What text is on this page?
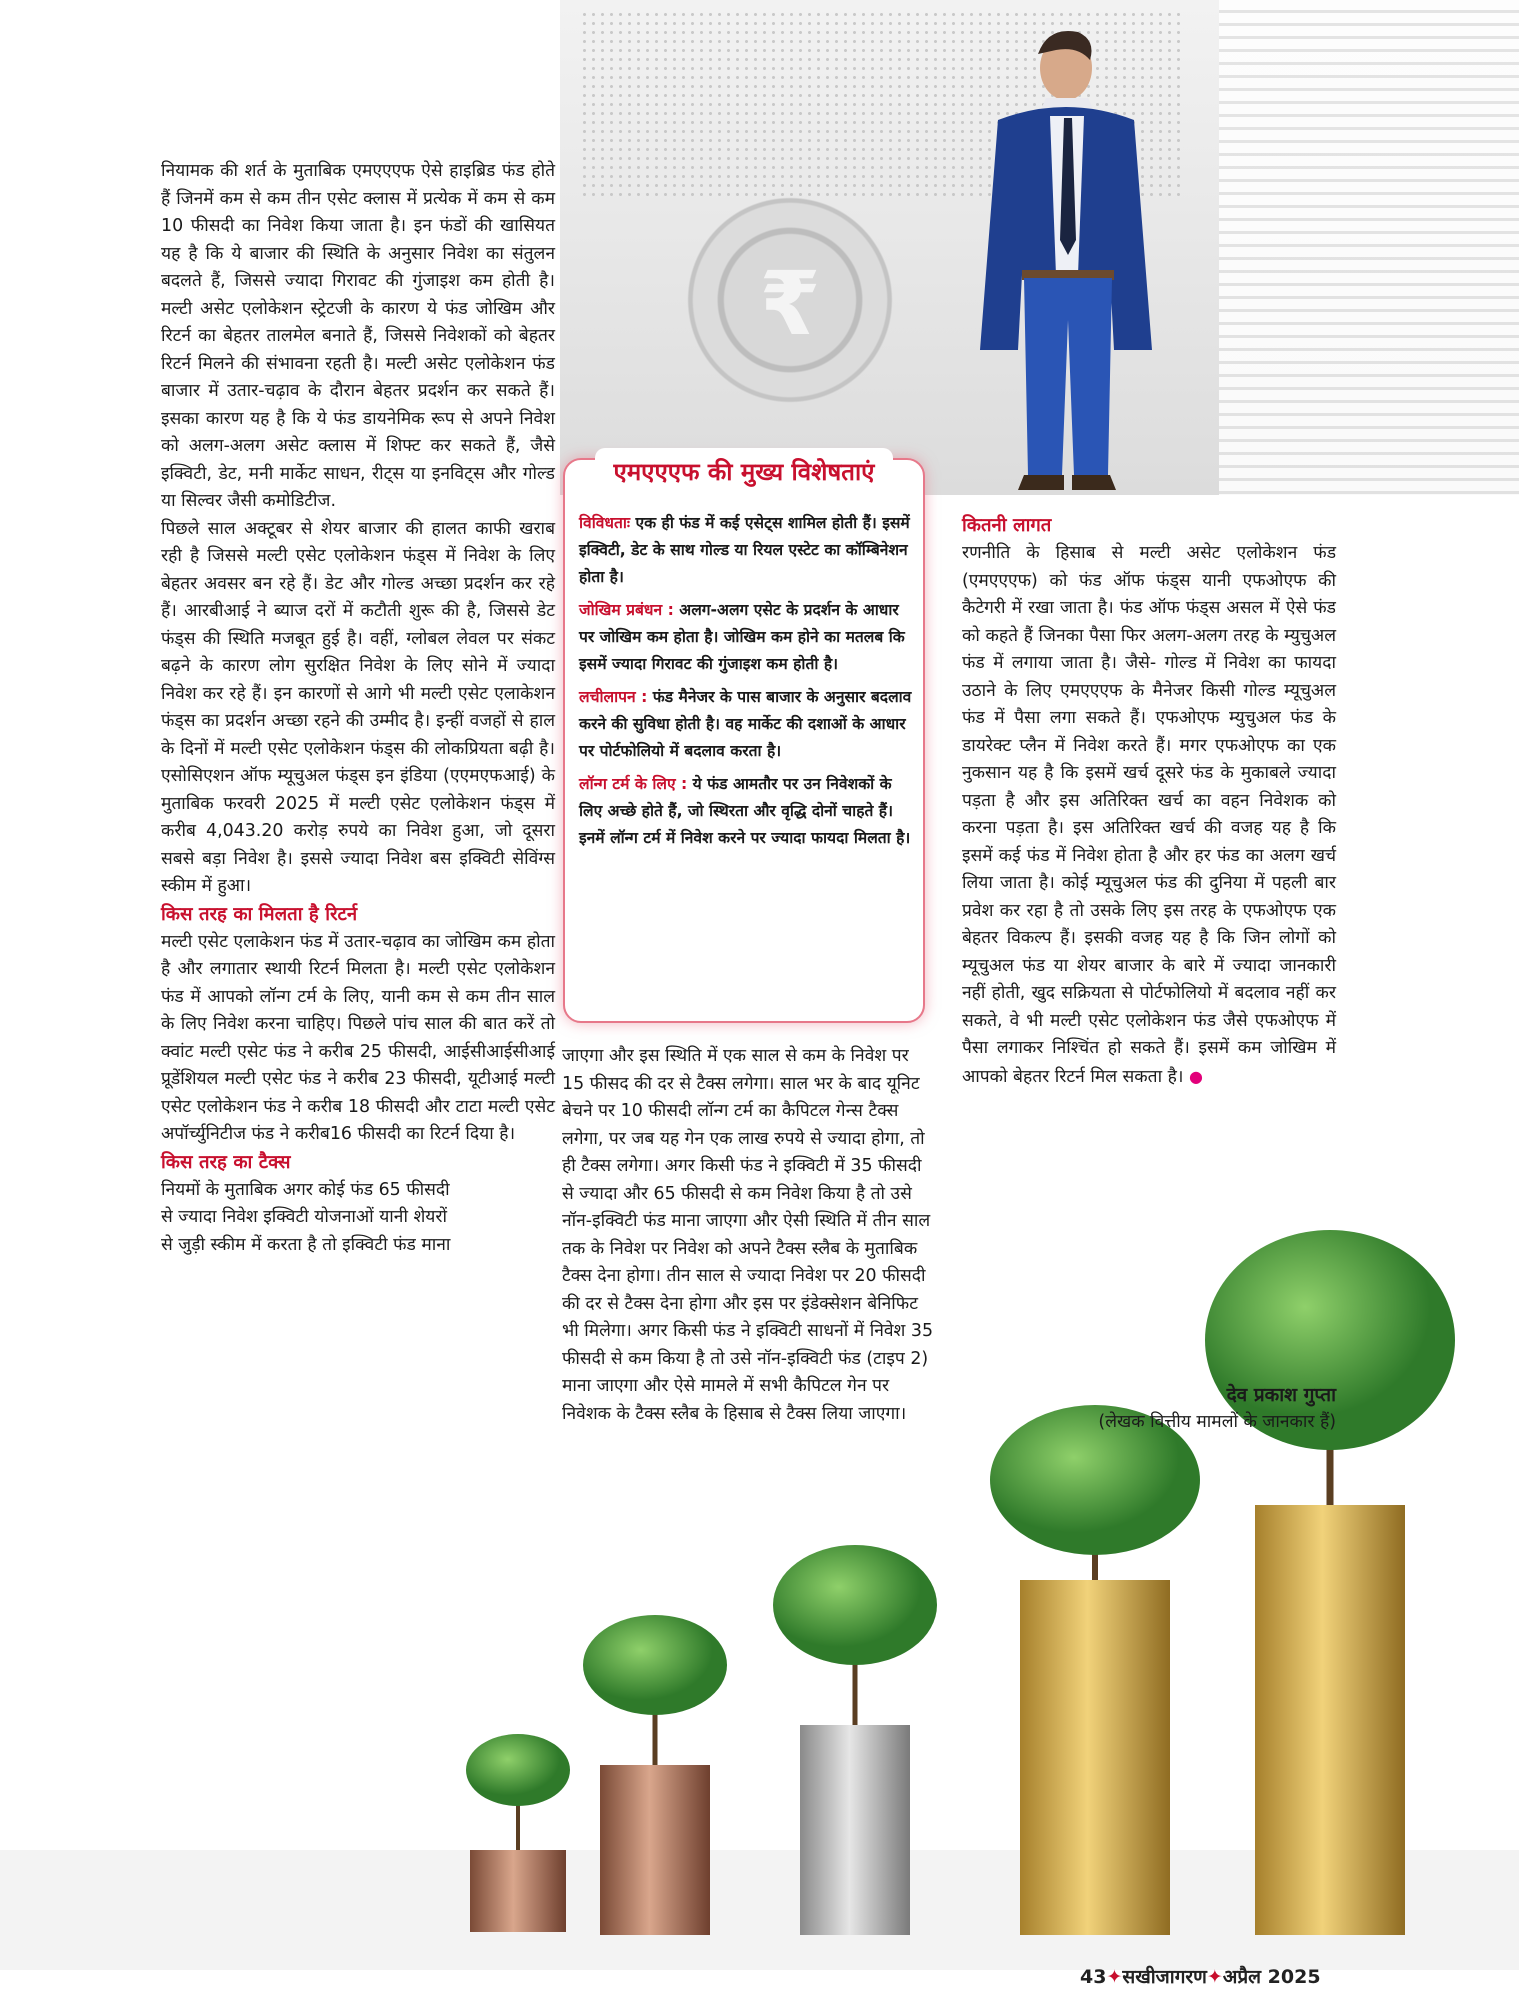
₹

नियामक की शर्त के मुताबिक एमएएएफ ऐसे हाइब्रिड फंड होते हैं जिनमें कम से कम तीन एसेट क्लास में प्रत्येक में कम से कम 10 फीसदी का निवेश किया जाता है। इन फंडों की खासियत यह है कि ये बाजार की स्थिति के अनुसार निवेश का संतुलन बदलते हैं, जिससे ज्यादा गिरावट की गुंजाइश कम होती है। मल्टी असेट एलोकेशन स्ट्रेटजी के कारण ये फंड जोखिम और रिटर्न का बेहतर तालमेल बनाते हैं, जिससे निवेशकों को बेहतर रिटर्न मिलने की संभावना रहती है। मल्टी असेट एलोकेशन फंड बाजार में उतार-चढ़ाव के दौरान बेहतर प्रदर्शन कर सकते हैं। इसका कारण यह है कि ये फंड डायनेमिक रूप से अपने निवेश को अलग-अलग असेट क्लास में शिफ्ट कर सकते हैं, जैसे इक्विटी, डेट, मनी मार्केट साधन, रीट्स या इनविट्स और गोल्ड या सिल्वर जैसी कमोडिटीज.

पिछले साल अक्टूबर से शेयर बाजार की हालत काफी खराब रही है जिससे मल्टी एसेट एलोकेशन फंड्स में निवेश के लिए बेहतर अवसर बन रहे हैं। डेट और गोल्ड अच्छा प्रदर्शन कर रहे हैं। आरबीआई ने ब्याज दरों में कटौती शुरू की है, जिससे डेट फंड्स की स्थिति मजबूत हुई है। वहीं, ग्लोबल लेवल पर संकट बढ़ने के कारण लोग सुरक्षित निवेश के लिए सोने में ज्यादा निवेश कर रहे हैं। इन कारणों से आगे भी मल्टी एसेट एलाकेशन फंड्स का प्रदर्शन अच्छा रहने की उम्मीद है। इन्हीं वजहों से हाल के दिनों में मल्टी एसेट एलोकेशन फंड्स की लोकप्रियता बढ़ी है। एसोसिएशन ऑफ म्यूचुअल फंड्स इन इंडिया (एएमएफआई) के मुताबिक फरवरी 2025 में मल्टी एसेट एलोकेशन फंड्स में करीब 4,043.20 करोड़ रुपये का निवेश हुआ, जो दूसरा सबसे बड़ा निवेश है। इससे ज्यादा निवेश बस इक्विटी सेविंग्स स्कीम में हुआ।

किस तरह का मिलता है रिटर्न

मल्टी एसेट एलाकेशन फंड में उतार-चढ़ाव का जोखिम कम होता है और लगातार स्थायी रिटर्न मिलता है। मल्टी एसेट एलोकेशन फंड में आपको लॉन्ग टर्म के लिए, यानी कम से कम तीन साल के लिए निवेश करना चाहिए। पिछले पांच साल की बात करें तो क्वांट मल्टी एसेट फंड ने करीब 25 फीसदी, आईसीआईसीआई प्रूडेंशियल मल्टी एसेट फंड ने करीब 23 फीसदी, यूटीआई मल्टी एसेट एलोकेशन फंड ने करीब 18 फीसदी और टाटा मल्टी एसेट अपॉर्च्युनिटीज फंड ने करीब16 फीसदी का रिटर्न दिया है।

किस तरह का टैक्स

नियमों के मुताबिक अगर कोई फंड 65 फीसदी से ज्यादा निवेश इक्विटी योजनाओं यानी शेयरों से जुड़ी स्कीम में करता है तो इक्विटी फंड माना

एमएएएफ की मुख्य विशेषताएं

विविधताः एक ही फंड में कई एसेट्स शामिल होती हैं। इसमें इक्विटी, डेट के साथ गोल्ड या रियल एस्टेट का कॉम्बिनेशन होता है।

जोखिम प्रबंधन : अलग-अलग एसेट के प्रदर्शन के आधार पर जोखिम कम होता है। जोखिम कम होने का मतलब कि इसमें ज्यादा गिरावट की गुंजाइश कम होती है।

लचीलापन : फंड मैनेजर के पास बाजार के अनुसार बदलाव करने की सुविधा होती है। वह मार्केट की दशाओं के आधार पर पोर्टफोलियो में बदलाव करता है।

लॉन्ग टर्म के लिए : ये फंड आमतौर पर उन निवेशकों के लिए अच्छे होते हैं, जो स्थिरता और वृद्धि दोनों चाहते हैं। इनमें लॉन्ग टर्म में निवेश करने पर ज्यादा फायदा मिलता है।

जाएगा और इस स्थिति में एक साल से कम के निवेश पर 15 फीसद की दर से टैक्स लगेगा। साल भर के बाद यूनिट बेचने पर 10 फीसदी लॉन्ग टर्म का कैपिटल गेन्स टैक्स लगेगा, पर जब यह गेन एक लाख रुपये से ज्यादा होगा, तो ही टैक्स लगेगा। अगर किसी फंड ने इक्विटी में 35 फीसदी से ज्यादा और 65 फीसदी से कम निवेश किया है तो उसे नॉन-इक्विटी फंड माना जाएगा और ऐसी स्थिति में तीन साल तक के निवेश पर निवेश को अपने टैक्स स्लैब के मुताबिक टैक्स देना होगा। तीन साल से ज्यादा निवेश पर 20 फीसदी की दर से टैक्स देना होगा और इस पर इंडेक्सेशन बेनिफिट भी मिलेगा। अगर किसी फंड ने इक्विटी साधनों में निवेश 35 फीसदी से कम किया है तो उसे नॉन-इक्विटी फंड (टाइप 2) माना जाएगा और ऐसे मामले में सभी कैपिटल गेन पर निवेशक के टैक्स स्लैब के हिसाब से टैक्स लिया जाएगा।

कितनी लागत

रणनीति के हिसाब से मल्टी असेट एलोकेशन फंड (एमएएएफ) को फंड ऑफ फंड्स यानी एफओएफ की कैटेगरी में रखा जाता है। फंड ऑफ फंड्स असल में ऐसे फंड को कहते हैं जिनका पैसा फिर अलग-अलग तरह के म्युचुअल फंड में लगाया जाता है। जैसे- गोल्ड में निवेश का फायदा उठाने के लिए एमएएएफ के मैनेजर किसी गोल्ड म्यूचुअल फंड में पैसा लगा सकते हैं। एफओएफ म्युचुअल फंड के डायरेक्ट प्लैन में निवेश करते हैं। मगर एफओएफ का एक नुकसान यह है कि इसमें खर्च दूसरे फंड के मुकाबले ज्यादा पड़ता है और इस अतिरिक्त खर्च का वहन निवेशक को करना पड़ता है। इस अतिरिक्त खर्च की वजह यह है कि इसमें कई फंड में निवेश होता है और हर फंड का अलग खर्च लिया जाता है। कोई म्यूचुअल फंड की दुनिया में पहली बार प्रवेश कर रहा है तो उसके लिए इस तरह के एफओएफ एक बेहतर विकल्प हैं। इसकी वजह यह है कि जिन लोगों को म्यूचुअल फंड या शेयर बाजार के बारे में ज्यादा जानकारी नहीं होती, खुद सक्रियता से पोर्टफोलियो में बदलाव नहीं कर सकते, वे भी मल्टी एसेट एलोकेशन फंड जैसे एफओएफ में पैसा लगाकर निश्चिंत हो सकते हैं। इसमें कम जोखिम में आपको बेहतर रिटर्न मिल सकता है। ●

देव प्रकाश गुप्ता
(लेखक वित्तीय मामलों के जानकार हैं)
43✦सखीजागरण✦अप्रैल 2025
